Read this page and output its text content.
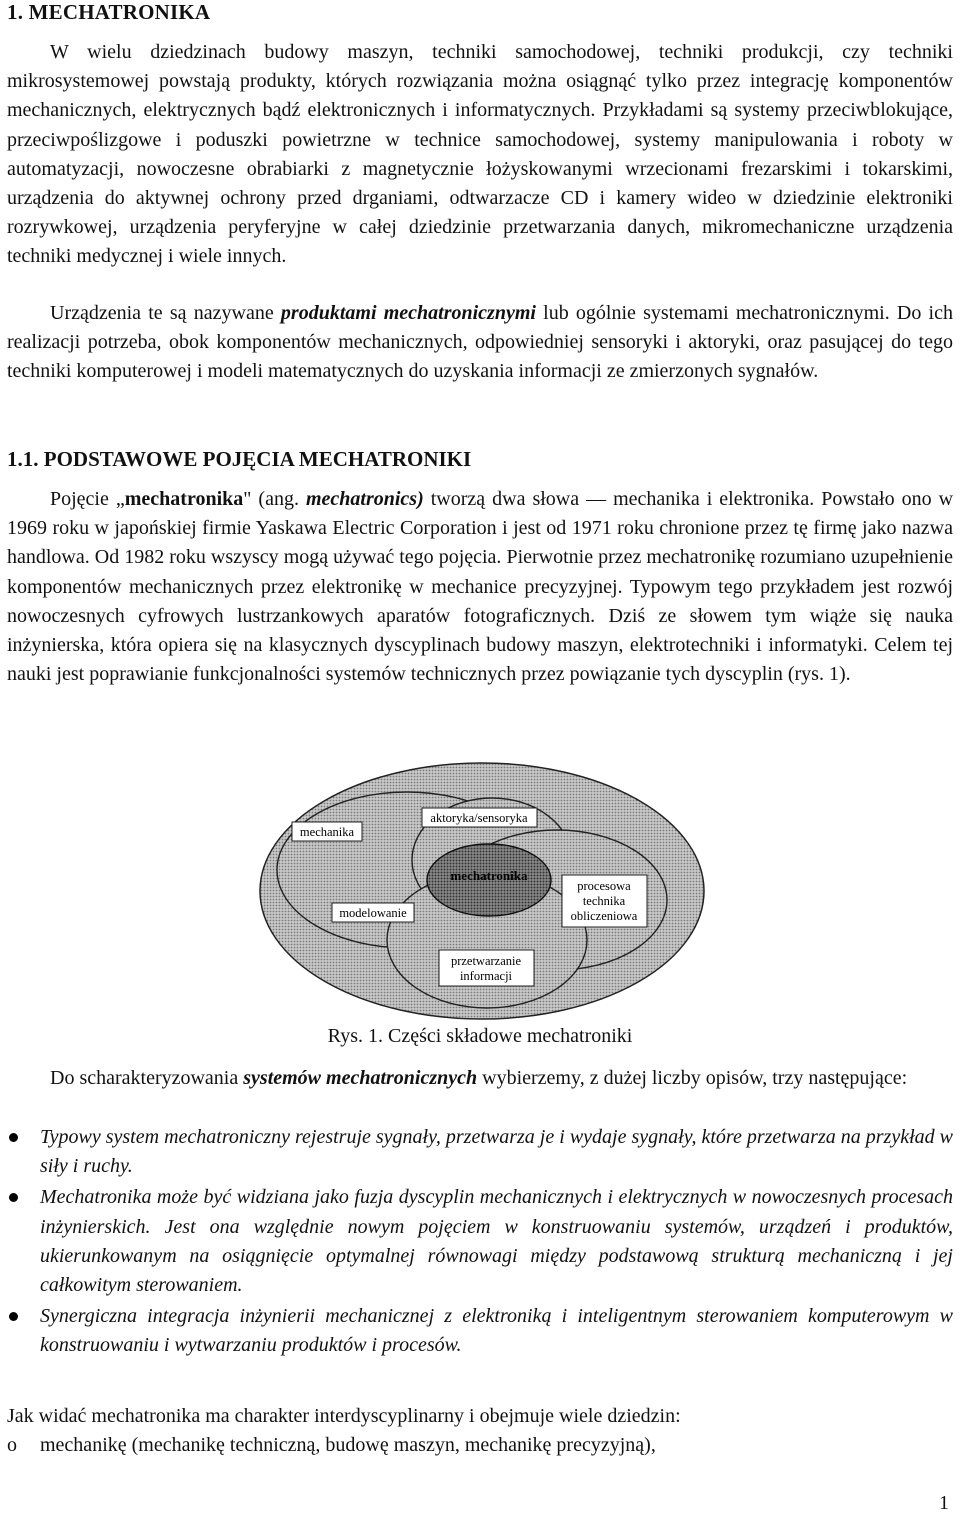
1. MECHATRONIKA

W wielu dziedzinach budowy maszyn, techniki samochodowej, techniki produkcji, czy techniki mikrosystemowej powstają produkty, których rozwiązania można osiągnąć tylko przez integrację komponentów mechanicznych, elektrycznych bądź elektronicznych i informatycznych. Przykładami są systemy przeciwblokujące, przeciwpoślizgowe i poduszki powietrzne w technice samochodowej, systemy manipulowania i roboty w automatyzacji, nowoczesne obrabiarki z magnetycznie łożyskowanymi wrzecionami frezarskimi i tokarskimi, urządzenia do aktywnej ochrony przed drganiami, odtwarzacze CD i kamery wideo w dziedzinie elektroniki rozrywkowej, urządzenia peryferyjne w całej dziedzinie przetwarzania danych, mikromechaniczne urządzenia techniki medycznej i wiele innych.

Urządzenia te są nazywane produktami mechatronicznymi lub ogólnie systemami mechatronicznymi. Do ich realizacji potrzeba, obok komponentów mechanicznych, odpowiedniej sensoryki i aktoryki, oraz pasującej do tego techniki komputerowej i modeli matematycznych do uzyskania informacji ze zmierzonych sygnałów.

1.1. PODSTAWOWE POJĘCIA MECHATRONIKI

Pojęcie „mechatronika" (ang. mechatronics) tworzą dwa słowa — mechanika i elektronika. Powstało ono w 1969 roku w japońskiej firmie Yaskawa Electric Corporation i jest od 1971 roku chronione przez tę firmę jako nazwa handlowa. Od 1982 roku wszyscy mogą używać tego pojęcia. Pierwotnie przez mechatronikę rozumiano uzupełnienie komponentów mechanicznych przez elektronikę w mechanice precyzyjnej. Typowym tego przykładem jest rozwój nowoczesnych cyfrowych lustrzankowych aparatów fotograficznych. Dziś ze słowem tym wiąże się nauka inżynierska, która opiera się na klasycznych dyscyplinach budowy maszyn, elektrotechniki i informatyki. Celem tej nauki jest poprawianie funkcjonalności systemów technicznych przez powiązanie tych dyscyplin (rys. 1).

mechanika
aktoryka/sensoryka
mechatronika
procesowa
technika
obliczeniowa
modelowanie
przetwarzanie
informacji

Rys. 1. Części składowe mechatroniki

Do scharakteryzowania systemów mechatronicznych wybierzemy, z dużej liczby opisów, trzy następujące:

Typowy system mechatroniczny rejestruje sygnały, przetwarza je i wydaje sygnały, które przetwarza na przykład w siły i ruchy.
Mechatronika może być widziana jako fuzja dyscyplin mechanicznych i elektrycznych w nowoczesnych procesach inżynierskich. Jest ona względnie nowym pojęciem w konstruowaniu systemów, urządzeń i produktów, ukierunkowanym na osiągnięcie optymalnej równowagi między podstawową strukturą mechaniczną i jej całkowitym sterowaniem.
Synergiczna integracja inżynierii mechanicznej z elektroniką i inteligentnym sterowaniem komputerowym w konstruowaniu i wytwarzaniu produktów i procesów.

Jak widać mechatronika ma charakter interdyscyplinarny i obejmuje wiele dziedzin:

o mechanikę (mechanikę techniczną, budowę maszyn, mechanikę precyzyjną),

1
